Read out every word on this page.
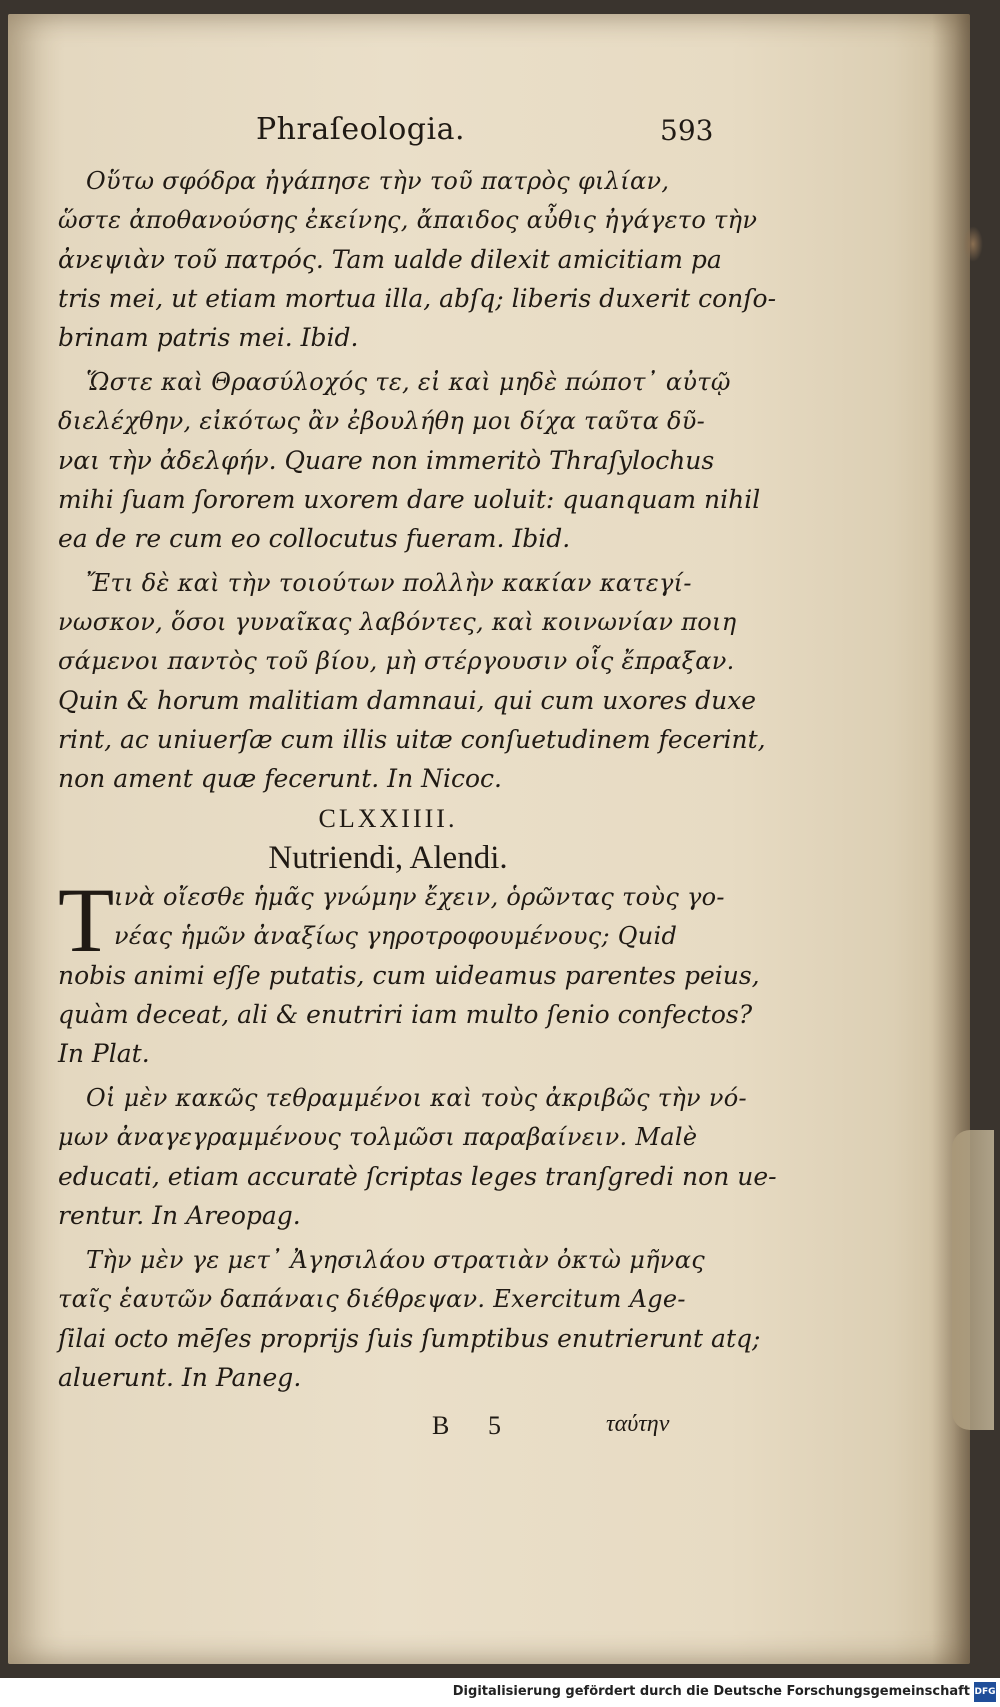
Phraſeologia.	593
Οὕτω σφόδρα ἠγάπησε τὴν τοῦ πατρὸς φιλίαν,
ὥστε ἀποθανούσης ἐκείνης, ἄπαιδος αὖθις ἠγάγετο τὴν
ἀνεψιὰν τοῦ πατρός. Tam ualde dilexit amicitiam pa
tris mei, ut etiam mortua illa, abſq; liberis duxerit conſo-
brinam patris mei. Ibid.
Ὥστε καὶ Θρασύλοχός τε, εἰ καὶ μηδὲ πώποτ᾽ αὐτῷ
διελέχθην, εἰκότως ἂν ἐβουλήθη μοι δίχα ταῦτα δῦ-
ναι τὴν ἀδελφήν. Quare non immeritò Thraſylochus
mihi ſuam ſororem uxorem dare uoluit: quanquam nihil
ea de re cum eo collocutus fueram. Ibid.
Ἔτι δὲ καὶ τὴν τοιούτων πολλὴν κακίαν κατεγί-
νωσκον, ὅσοι γυναῖκας λαβόντες, καὶ κοινωνίαν ποιη
σάμενοι παντὸς τοῦ βίου, μὴ στέργουσιν οἷς ἔπραξαν.
Quin & horum malitiam damnaui, qui cum uxores duxe
rint, ac uniuerſæ cum illis uitæ conſuetudinem fecerint,
non ament quæ fecerunt. In Nicoc.
CLXXIIII.
Nutriendi, Alendi.
T ινὰ οἴεσθε ἡμᾶς γνώμην ἔχειν, ὁρῶντας τοὺς γο-
νέας ἡμῶν ἀναξίως γηροτροφουμένους; Quid
nobis animi eſſe putatis, cum uideamus parentes peius,
quàm deceat, ali & enutriri iam multo ſenio confectos?
In Plat.
Οἱ μὲν κακῶς τεθραμμένοι καὶ τοὺς ἀκριβῶς τὴν νό-
μων ἀναγεγραμμένους τολμῶσι παραβαίνειν. Malè
educati, etiam accuratè ſcriptas leges tranſgredi non ue-
rentur. In Areopag.
Τὴν μὲν γε μετ᾽ Ἀγησιλάου στρατιὰν ὀκτὼ μῆνας
ταῖς ἑαυτῶν δαπάναις διέθρεψαν. Exercitum Age-
ſilai octo mēſes proprijs ſuis ſumptibus enutrierunt atq;
aluerunt. In Paneg.
B 5	ταύτην
Digitalisierung gefördert durch die Deutsche Forschungsgemeinschaft DFG
